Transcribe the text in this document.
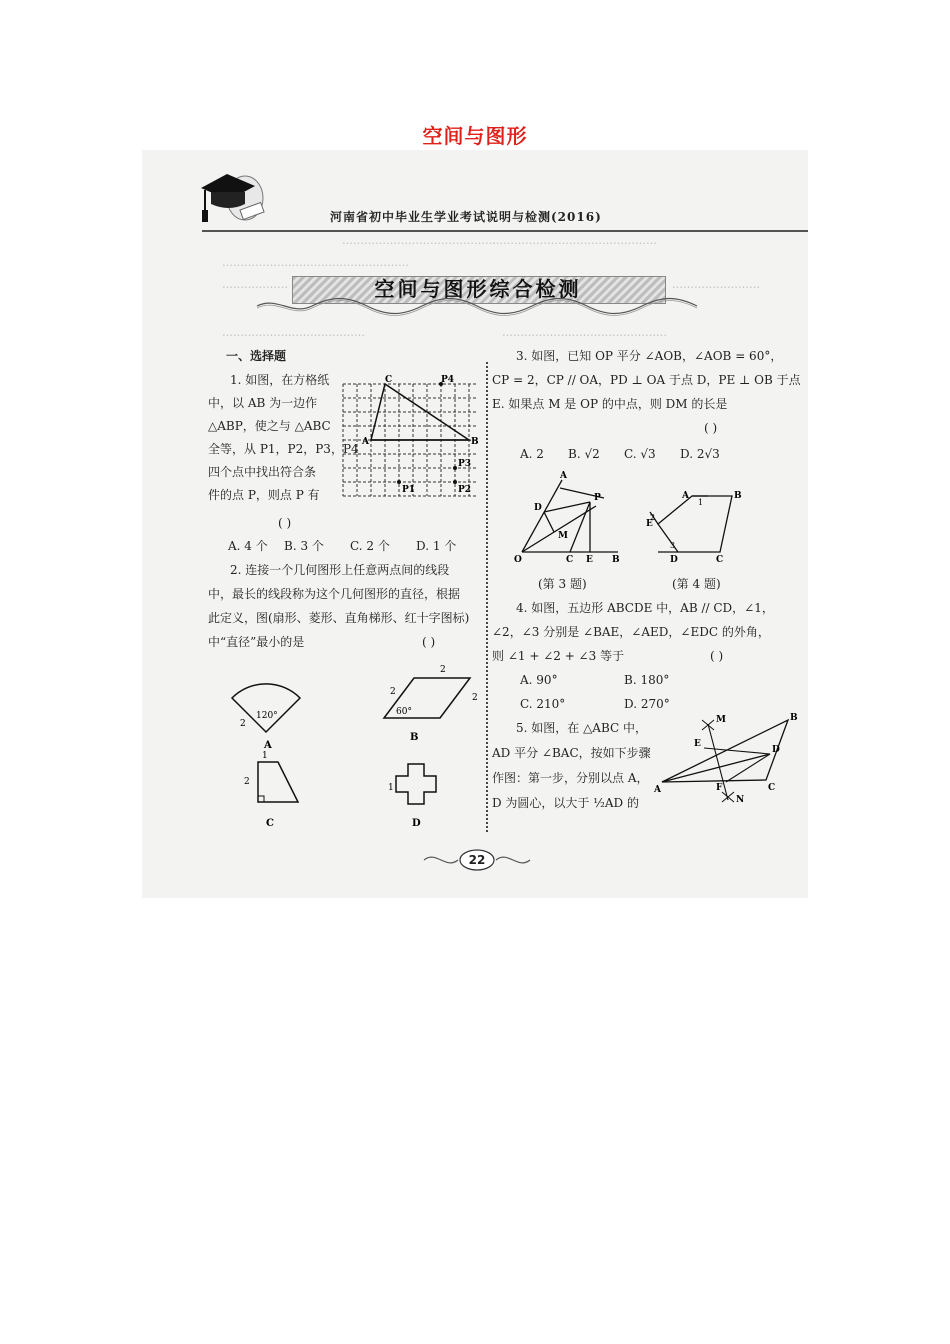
空间与图形
……………………………………
………………………………………
……………………………………………
………………	……………………
…………………………………	………………………………………
河南省初中毕业生学业考试说明与检测(2016)
空间与图形综合检测
一、选择题
1. 如图，在方格纸
中，以 AB 为一边作
△ABP，使之与 △ABC
全等，从 P1，P2，P3，P4
四个点中找出符合条
件的点 P，则点 P 有
( )
A. 4 个 B. 3 个 C. 2 个 D. 1 个
C	P4
A	B
P3
P2
P1
2. 连接一个几何图形上任意两点间的线段
中，最长的线段称为这个几何图形的直径，根据
此定义，图(扇形、菱形、直角梯形、红十字图标)
中“直径”最小的是	( )
120°
2
A
2
2
2
60°
B
1
2
C
1
D
3. 如图，已知 OP 平分 ∠AOB，∠AOB = 60°，
CP = 2，CP // OA，PD ⊥ OA 于点 D，PE ⊥ OB 于点
E. 如果点 M 是 OP 的中点，则 DM 的长是
( )
A. 2 B. √2 C. √3 D. 2√3
A
D
P
M
O	C E B
A
1
B
E
2
3
D	C
(第 3 题)	(第 4 题)
4. 如图，五边形 ABCDE 中，AB // CD，∠1，
∠2，∠3 分别是 ∠BAE，∠AED，∠EDC 的外角，
则 ∠1 + ∠2 + ∠3 等于	( )
A. 90°	B. 180°
C. 210°	D. 270°
5. 如图，在 △ABC 中，
AD 平分 ∠BAC，按如下步骤
作图：第一步，分别以点 A，
D 为圆心，以大于 ½AD 的
M	B
E
D
A	F	C
N
22
